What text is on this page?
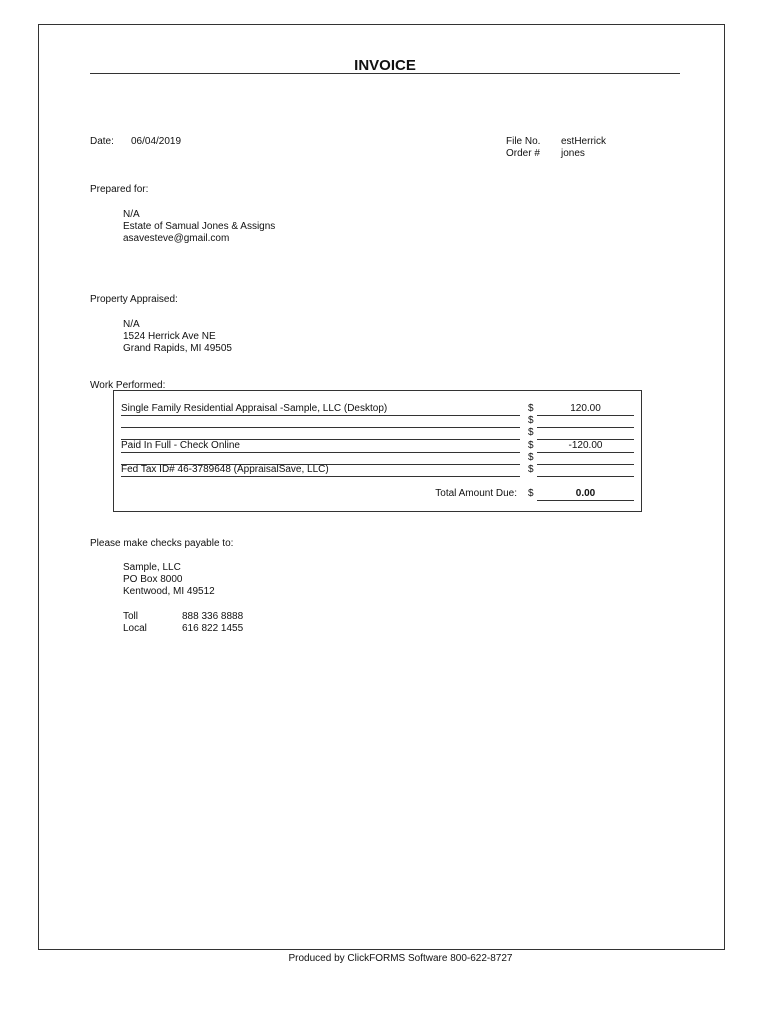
INVOICE
Date: 06/04/2019	File No. estHerrick
Order # jones
Prepared for:
N/A
Estate of Samual Jones & Assigns
asavesteve@gmail.com
Property Appraised:
N/A
1524 Herrick Ave NE
Grand Rapids, MI 49505
Work Performed:
Single Family Residential Appraisal -Sample, LLC (Desktop)	$	120.00
$
$
Paid In Full - Check Online	$	-120.00
$
Fed Tax ID# 46-3789648 (AppraisalSave, LLC)	$
Total Amount Due: $	0.00
Please make checks payable to:
Sample, LLC
PO Box 8000
Kentwood, MI 49512
Toll	888 336 8888
Local	616 822 1455
Produced by ClickFORMS Software 800-622-8727
